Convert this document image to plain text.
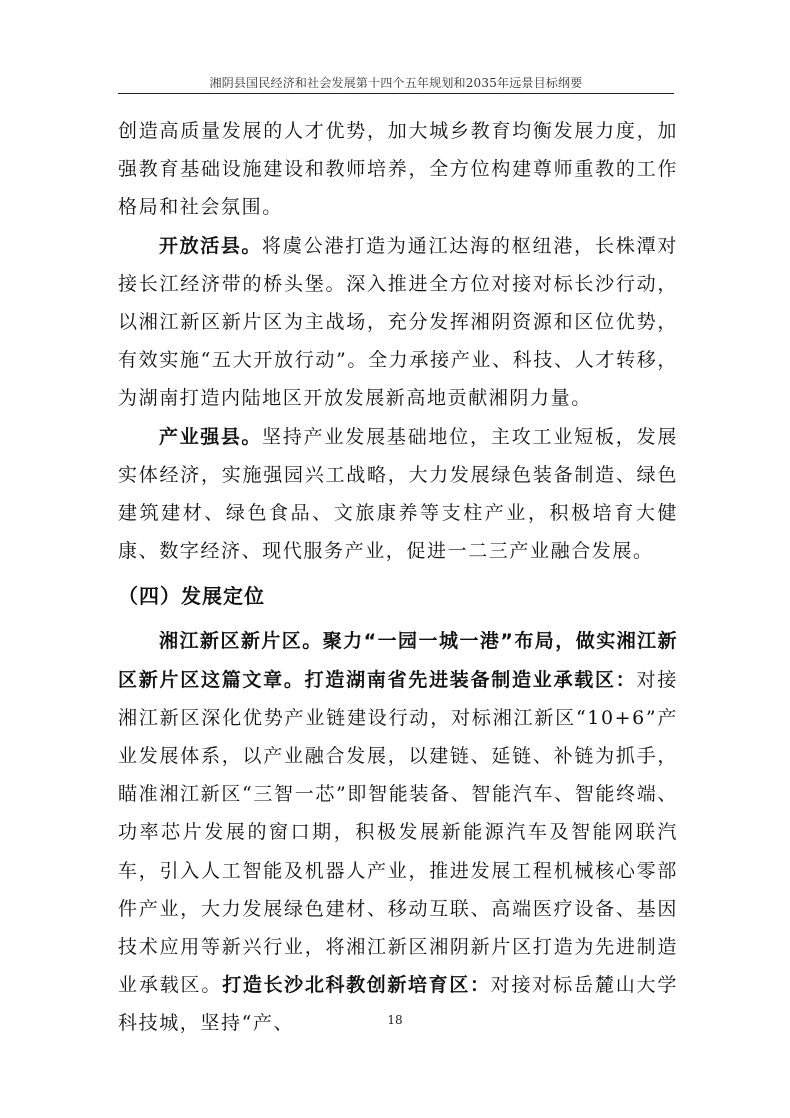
湘阴县国民经济和社会发展第十四个五年规划和2035年远景目标纲要

创造高质量发展的人才优势，加大城乡教育均衡发展力度，加强教育基础设施建设和教师培养，全方位构建尊师重教的工作格局和社会氛围。

开放活县。将虞公港打造为通江达海的枢纽港，长株潭对接长江经济带的桥头堡。深入推进全方位对接对标长沙行动，以湘江新区新片区为主战场，充分发挥湘阴资源和区位优势，有效实施“五大开放行动”。全力承接产业、科技、人才转移，为湖南打造内陆地区开放发展新高地贡献湘阴力量。

产业强县。坚持产业发展基础地位，主攻工业短板，发展实体经济，实施强园兴工战略，大力发展绿色装备制造、绿色建筑建材、绿色食品、文旅康养等支柱产业，积极培育大健康、数字经济、现代服务产业，促进一二三产业融合发展。

（四）发展定位

湘江新区新片区。聚力“一园一城一港”布局，做实湘江新区新片区这篇文章。打造湖南省先进装备制造业承载区：对接湘江新区深化优势产业链建设行动，对标湘江新区“10+6”产业发展体系，以产业融合发展，以建链、延链、补链为抓手，瞄准湘江新区“三智一芯”即智能装备、智能汽车、智能终端、功率芯片发展的窗口期，积极发展新能源汽车及智能网联汽车，引入人工智能及机器人产业，推进发展工程机械核心零部件产业，大力发展绿色建材、移动互联、高端医疗设备、基因技术应用等新兴行业，将湘江新区湘阴新片区打造为先进制造业承载区。打造长沙北科教创新培育区：对接对标岳麓山大学科技城，坚持“产、	18
